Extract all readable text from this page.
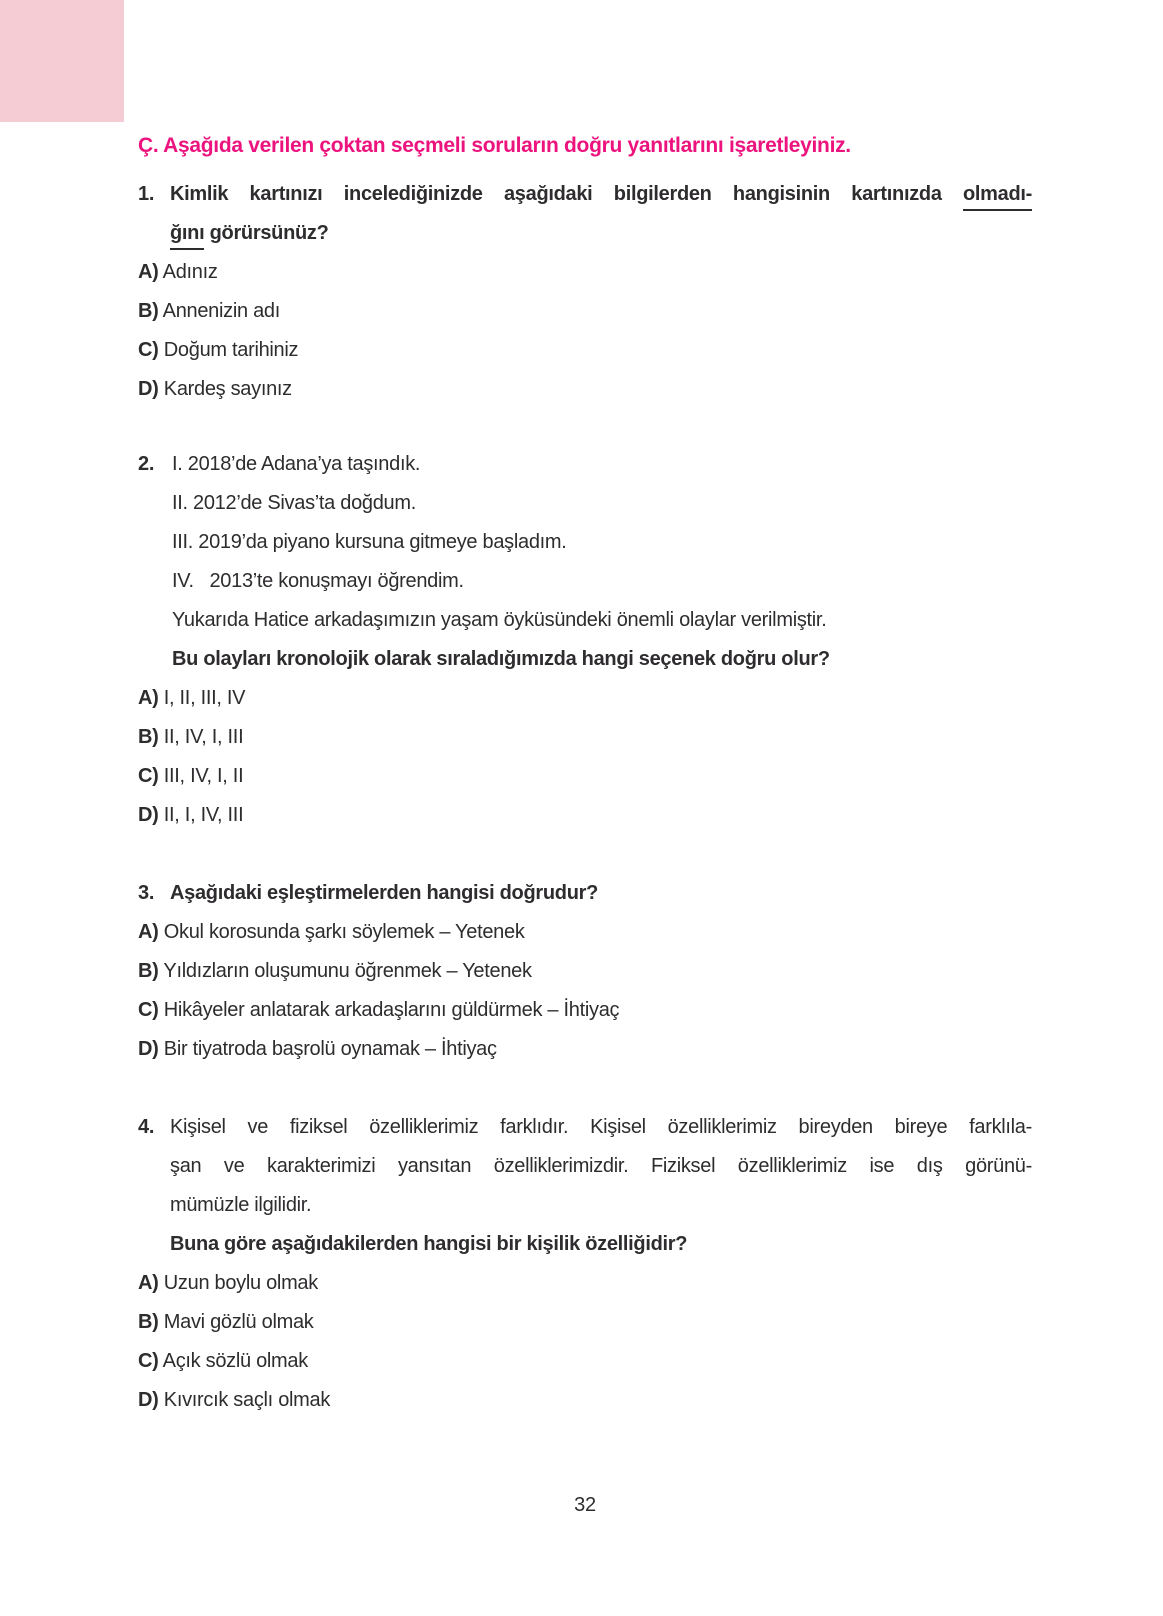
Ç. Aşağıda verilen çoktan seçmeli soruların doğru yanıtlarını işaretleyiniz.
1. Kimlik kartınızı incelediğinizde aşağıdaki bilgilerden hangisinin kartınızda olmadı-
ğını görürsünüz?
A) Adınız
B) Annenizin adı
C) Doğum tarihiniz
D) Kardeş sayınız
2. I. 2018’de Adana’ya taşındık.
II. 2012’de Sivas’ta doğdum.
III. 2019’da piyano kursuna gitmeye başladım.
IV.   2013’te konuşmayı öğrendim.
Yukarıda Hatice arkadaşımızın yaşam öyküsündeki önemli olaylar verilmiştir.
Bu olayları kronolojik olarak sıraladığımızda hangi seçenek doğru olur?
A) I, II, III, IV
B) II, IV, I, III
C) III, IV, I, II
D) II, I, IV, III
3. Aşağıdaki eşleştirmelerden hangisi doğrudur?
A) Okul korosunda şarkı söylemek – Yetenek
B) Yıldızların oluşumunu öğrenmek – Yetenek
C) Hikâyeler anlatarak arkadaşlarını güldürmek – İhtiyaç
D) Bir tiyatroda başrolü oynamak – İhtiyaç
4. Kişisel ve fiziksel özelliklerimiz farklıdır. Kişisel özelliklerimiz bireyden bireye farklıla-
şan ve karakterimizi yansıtan özelliklerimizdir. Fiziksel özelliklerimiz ise dış görünü-
mümüzle ilgilidir.
Buna göre aşağıdakilerden hangisi bir kişilik özelliğidir?
A) Uzun boylu olmak
B) Mavi gözlü olmak
C) Açık sözlü olmak
D) Kıvırcık saçlı olmak
32
